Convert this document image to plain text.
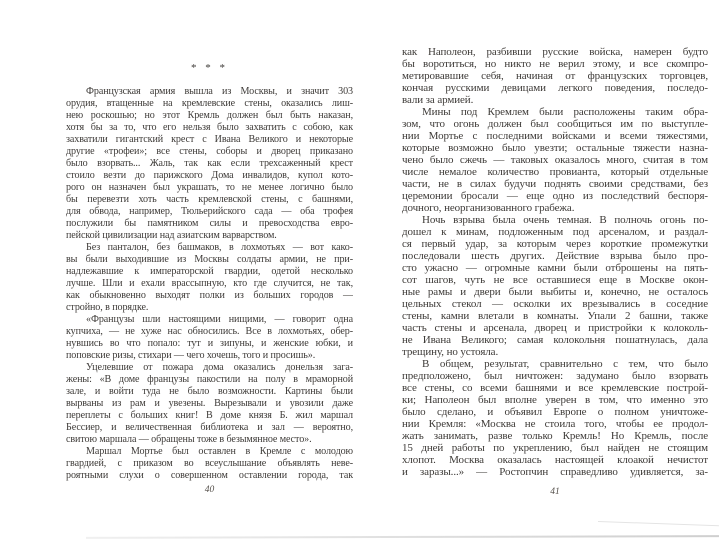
* * *
Французская армия вышла из Москвы, и значит 303
орудия, втащенные на кремлевские стены, оказались лиш-
нею роскошью; но этот Кремль должен был быть наказан,
хотя бы за то, что его нельзя было захватить с собою, как
захватили гигантский крест с Ивана Великого и некоторые
другие «трофеи»; все стены, соборы и дворец приказано
было взорвать... Жаль, так как если трехсаженный крест
стоило везти до парижского Дома инвалидов, купол кото-
рого он назначен был украшать, то не менее логично было
бы перевезти хоть часть кремлевской стены, с башнями,
для обвода, например, Тюльерийского сада — оба трофея
послужили бы памятником силы и превосходства евро-
пейской цивилизации над азиатским варварством.
Без панталон, без башмаков, в лохмотьях — вот како-
вы были выходившие из Москвы солдаты армии, не при-
надлежавшие к императорской гвардии, одетой несколько
лучше. Шли и ехали врассыпную, кто где случится, не так,
как обыкновенно выходят полки из больших городов —
стройно, в порядке.
«Французы шли настоящими нищими, — говорит одна
купчиха, — не хуже нас обносились. Все в лохмотьях, обер-
нувшись во что попало: тут и зипуны, и женские юбки, и
поповские ризы, стихари — чего хочешь, того и просишь».
Уцелевшие от пожара дома оказались донельзя зага-
жены: «В доме французы пакостили на полу в мраморной
зале, и войти туда не было возможности. Картины были
вырваны из рам и увезены. Вырезывали и увозили даже
переплеты с больших книг! В доме князя Б. жил маршал
Бессиер, и величественная библиотека и зал — вероятно,
свитою маршала — обращены тоже в безымянное место».
Маршал Мортье был оставлен в Кремле с молодою
гвардией, с приказом во всеуслышание объявлять неве-
роятными слухи о совершенном оставлении города, так
как Наполеон, разбивши русские войска, намерен будто
бы воротиться, но никто не верил этому, и все скомпро-
метировавшие себя, начиная от французских торговцев,
кончая русскими девицами легкого поведения, последо-
вали за армией.
Мины под Кремлем были расположены таким обра-
зом, что огонь должен был сообщиться им по выступле-
нии Мортье с последними войсками и всеми тяжестями,
которые возможно было увезти; остальные тяжести назна-
чено было сжечь — таковых оказалось много, считая в том
числе немалое количество провианта, который отдельные
части, не в силах будучи поднять своими средствами, без
церемонии бросали — еще одно из последствий беспоря-
дочного, неорганизованного грабежа.
Ночь взрыва была очень темная. В полночь огонь по-
дошел к минам, подложенным под арсеналом, и раздал-
ся первый удар, за которым через короткие промежутки
последовали шесть других. Действие взрыва было про-
сто ужасно — огромные камни были отброшены на пять-
сот шагов, чуть не все оставшиеся еще в Москве окон-
ные рамы и двери были выбиты и, конечно, не осталось
цельных стекол — осколки их врезывались в соседние
стены, камни влетали в комнаты. Упали 2 башни, также
часть стены и арсенала, дворец и пристройки к колоколь-
не Ивана Великого; самая колокольня пошатнулась, дала
трещину, но устояла.
В общем, результат, сравнительно с тем, что было
предположено, был ничтожен: задумано было взорвать
все стены, со всеми башнями и все кремлевские построй-
ки; Наполеон был вполне уверен в том, что именно это
было сделано, и объявил Европе о полном уничтоже-
нии Кремля: «Москва не стоила того, чтобы ее продол-
жать занимать, разве только Кремль! Но Кремль, после
15 дней работы по укреплению, был найден не стоящим
хлопот. Москва оказалась настоящей клоакой нечистот
и заразы...» — Ростопчин справедливо удивляется, за-
40	41
